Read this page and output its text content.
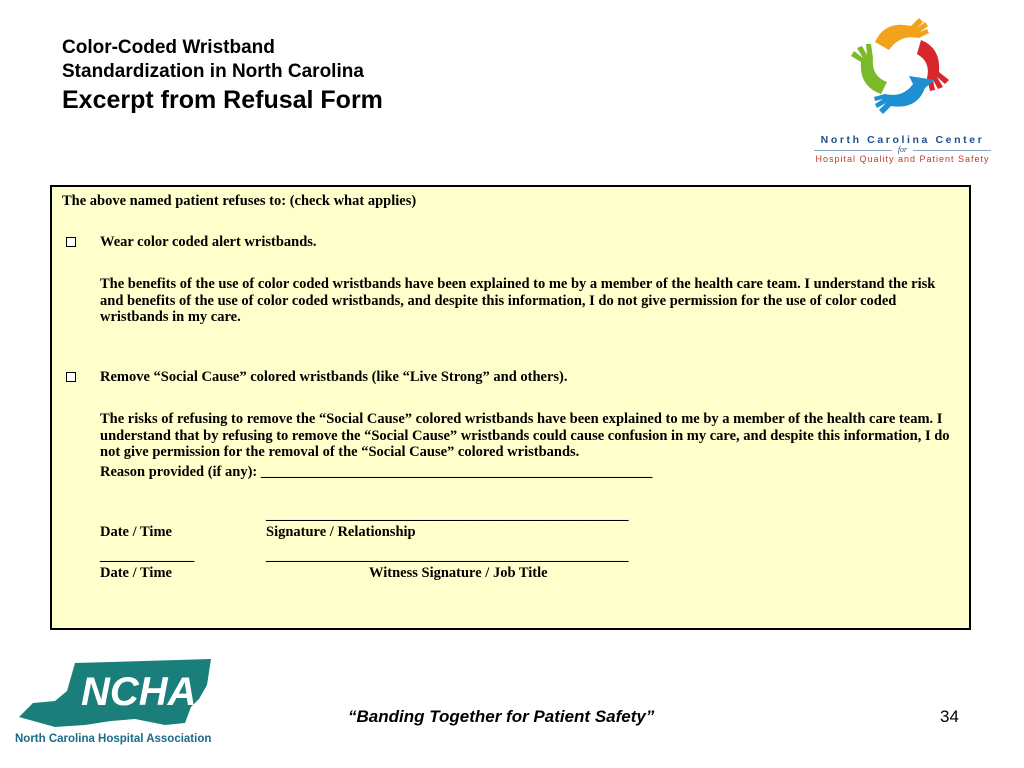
Color-Coded Wristband

Standardization in North Carolina

Excerpt from Refusal Form

North Carolina Center
for
Hospital Quality and Patient Safety

The above named patient refuses to: (check what applies)

Wear color coded alert wristbands.

The benefits of the use of color coded wristbands have been explained to me by a member of the health care team. I understand the risk and benefits of the use of color coded wristbands, and despite this information, I do not give permission for the use of color coded wristbands in my care.

Remove “Social Cause” colored wristbands (like “Live Strong” and others).

The risks of refusing to remove the “Social Cause” colored wristbands have been explained to me by a member of the health care team. I understand that by refusing to remove the “Social Cause” wristbands could cause confusion in my care, and despite this information, I do not give permission for the removal of the “Social Cause” colored wristbands.

Reason provided (if any): ______________________________________________________

__________________________________________________

Date / Time	Signature / Relationship

_____________	__________________________________________________

Date / Time	Witness Signature / Job Title

NCHA
North Carolina Hospital Association
“Banding Together for Patient Safety”	34
